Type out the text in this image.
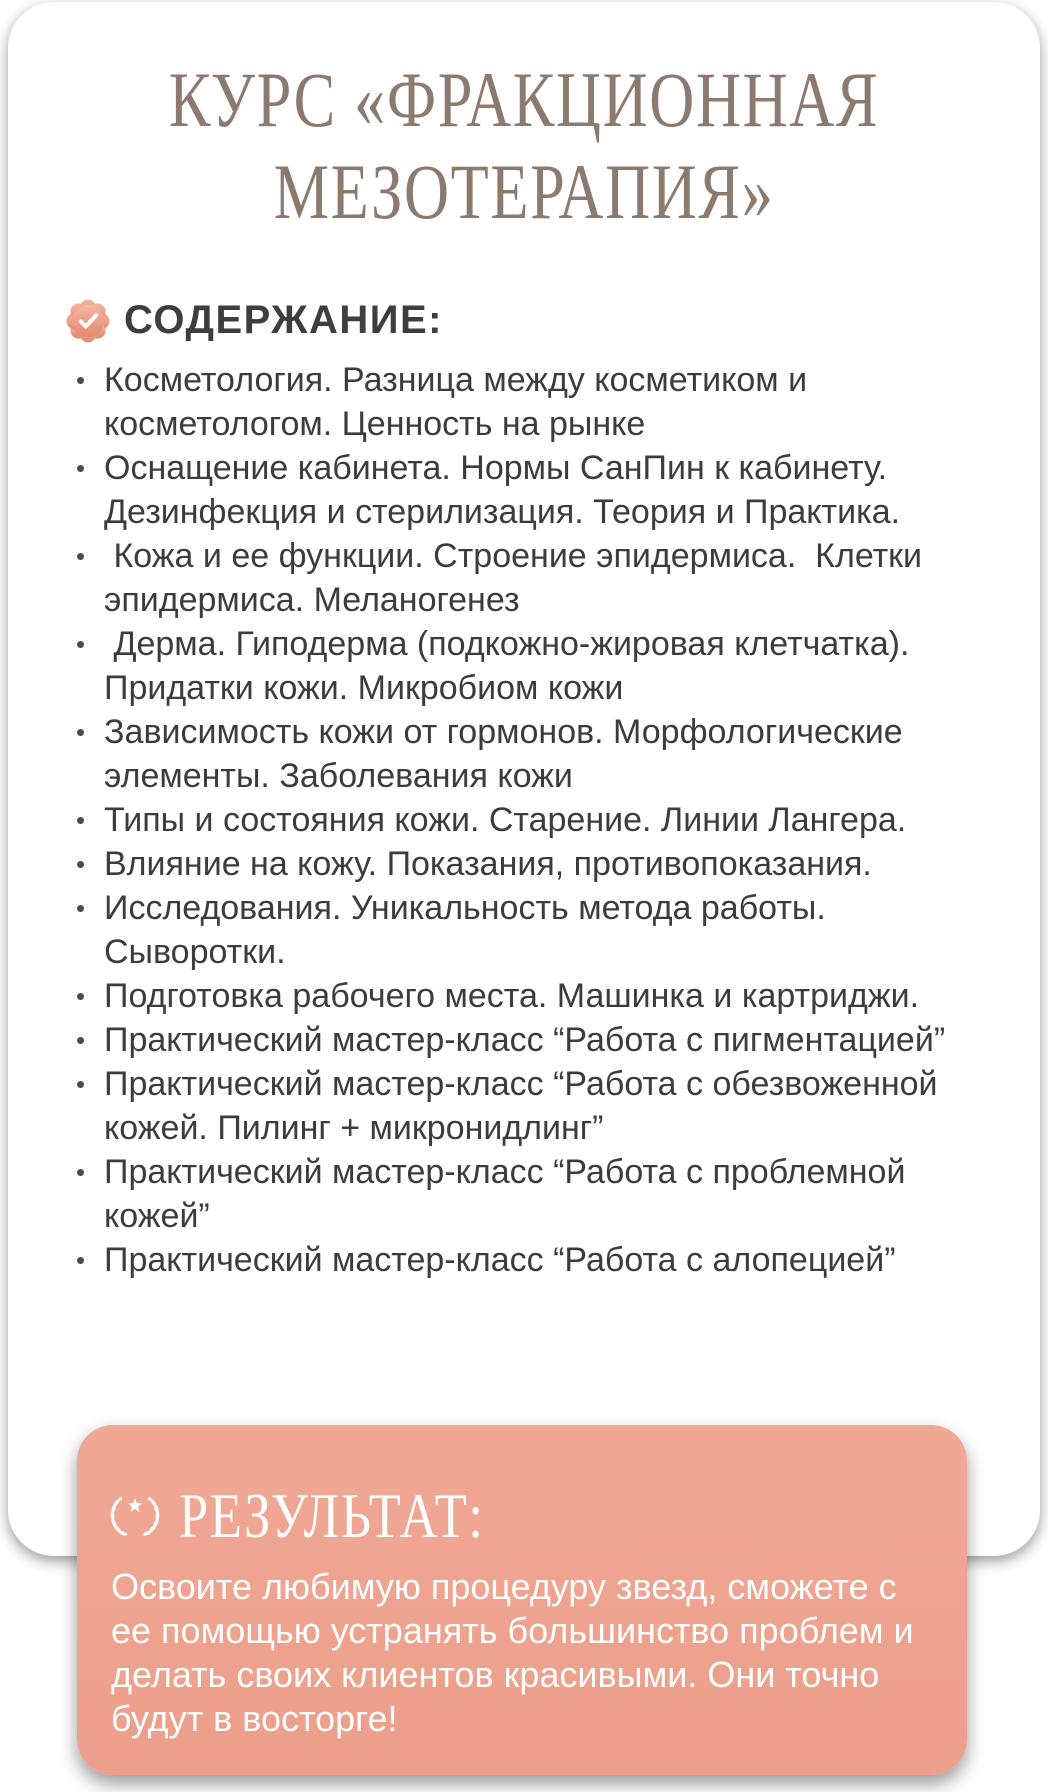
КУРС «ФРАКЦИОННАЯ
МЕЗОТЕРАПИЯ»
СОДЕРЖАНИЕ:
• Косметология. Разница между косметиком и косметологом. Ценность на рынке
• Оснащение кабинета. Нормы СанПин к кабинету. Дезинфекция и стерилизация. Теория и Практика.
• Кожа и ее функции. Строение эпидермиса.  Клетки эпидермиса. Меланогенез
• Дерма. Гиподерма (подкожно-жировая клетчатка). Придатки кожи. Микробиом кожи
• Зависимость кожи от гормонов. Морфологические элементы. Заболевания кожи
• Типы и состояния кожи. Старение. Линии Лангера.
• Влияние на кожу. Показания, противопоказания.
• Исследования. Уникальность метода работы. Сыворотки.
• Подготовка рабочего места. Машинка и картриджи.
• Практический мастер-класс “Работа с пигментацией”
• Практический мастер-класс “Работа с обезвоженной кожей. Пилинг + микронидлинг”
• Практический мастер-класс “Работа с проблемной кожей”
• Практический мастер-класс “Работа с алопецией”
РЕЗУЛЬТАТ:

Освоите любимую процедуру звезд, сможете с ее помощью устранять большинство проблем и делать своих клиентов красивыми. Они точно будут в восторге!
